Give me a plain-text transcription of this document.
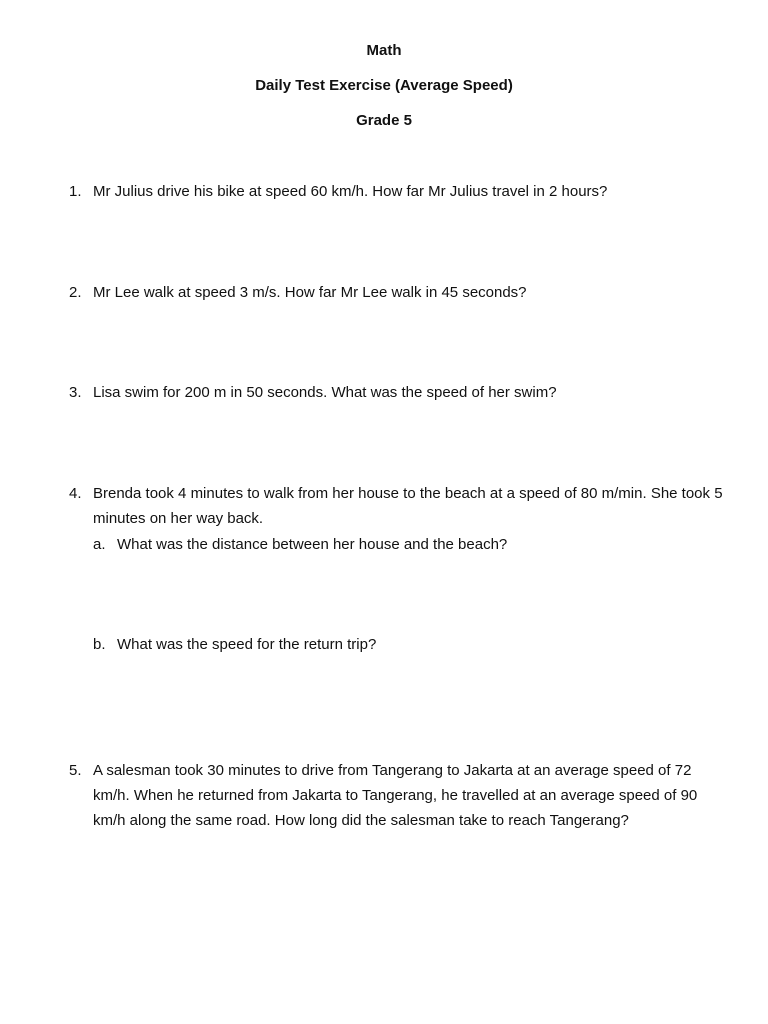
Math
Daily Test Exercise (Average Speed)
Grade 5
1. Mr Julius drive his bike at speed 60 km/h. How far Mr Julius travel in 2 hours?
2. Mr Lee walk at speed 3 m/s. How far Mr Lee walk in 45 seconds?
3. Lisa swim for 200 m in 50 seconds. What was the speed of her swim?
4. Brenda took 4 minutes to walk from her house to the beach at a speed of 80 m/min. She took 5 minutes on her way back.
a. What was the distance between her house and the beach?
b. What was the speed for the return trip?
5. A salesman took 30 minutes to drive from Tangerang to Jakarta at an average speed of 72 km/h. When he returned from Jakarta to Tangerang, he travelled at an average speed of 90 km/h along the same road. How long did the salesman take to reach Tangerang?
